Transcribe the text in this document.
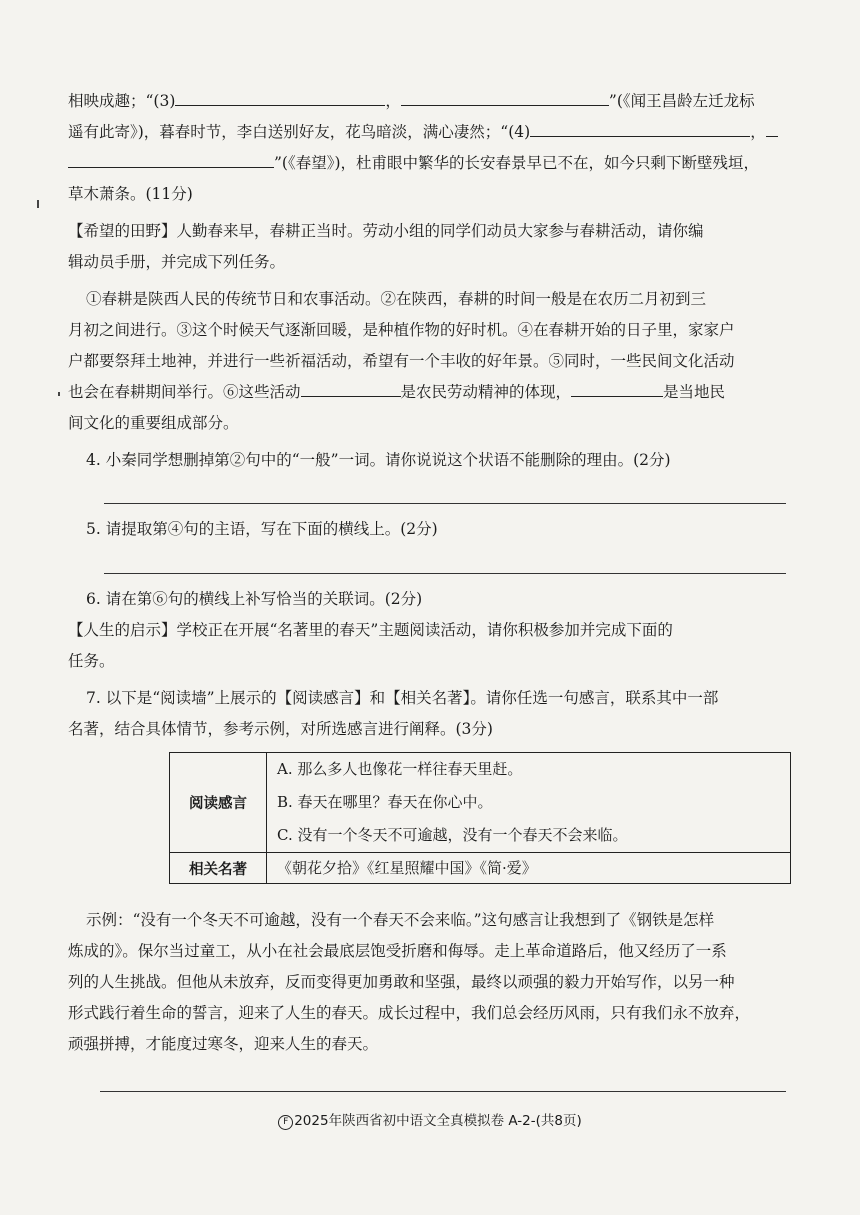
相映成趣；“(3)	，	”(《闻王昌龄左迁龙标
遥有此寄》)，暮春时节，李白送别好友，花鸟暗淡，满心凄然；“(4)	，
”(《春望》)，杜甫眼中繁华的长安春景早已不在，如今只剩下断壁残垣，
草木萧条。(11分)
【希望的田野】人勤春来早，春耕正当时。劳动小组的同学们动员大家参与春耕活动，请你编
辑动员手册，并完成下列任务。
①春耕是陕西人民的传统节日和农事活动。②在陕西，春耕的时间一般是在农历二月初到三
月初之间进行。③这个时候天气逐渐回暖，是种植作物的好时机。④在春耕开始的日子里，家家户
户都要祭拜土地神，并进行一些祈福活动，希望有一个丰收的好年景。⑤同时，一些民间文化活动
也会在春耕期间举行。⑥这些活动	是农民劳动精神的体现，	是当地民
间文化的重要组成部分。
4. 小秦同学想删掉第②句中的“一般”一词。请你说说这个状语不能删除的理由。(2分)
5. 请提取第④句的主语，写在下面的横线上。(2分)
6. 请在第⑥句的横线上补写恰当的关联词。(2分)
【人生的启示】学校正在开展“名著里的春天”主题阅读活动，请你积极参加并完成下面的
任务。
7. 以下是“阅读墙”上展示的【阅读感言】和【相关名著】。请你任选一句感言，联系其中一部
名著，结合具体情节，参考示例，对所选感言进行阐释。(3分)
阅读感言	A. 那么多人也像花一样往春天里赶。
B. 春天在哪里？春天在你心中。
C. 没有一个冬天不可逾越，没有一个春天不会来临。

相关名著	《朝花夕拾》《红星照耀中国》《简·爱》
示例：“没有一个冬天不可逾越，没有一个春天不会来临。”这句感言让我想到了《钢铁是怎样
炼成的》。保尔当过童工，从小在社会最底层饱受折磨和侮辱。走上革命道路后，他又经历了一系
列的人生挑战。但他从未放弃，反而变得更加勇敢和坚强，最终以顽强的毅力开始写作，以另一种
形式践行着生命的誓言，迎来了人生的春天。成长过程中，我们总会经历风雨，只有我们永不放弃，
顽强拼搏，才能度过寒冬，迎来人生的春天。
F 2025年陕西省初中语文全真模拟卷 A-2-(共8页)
